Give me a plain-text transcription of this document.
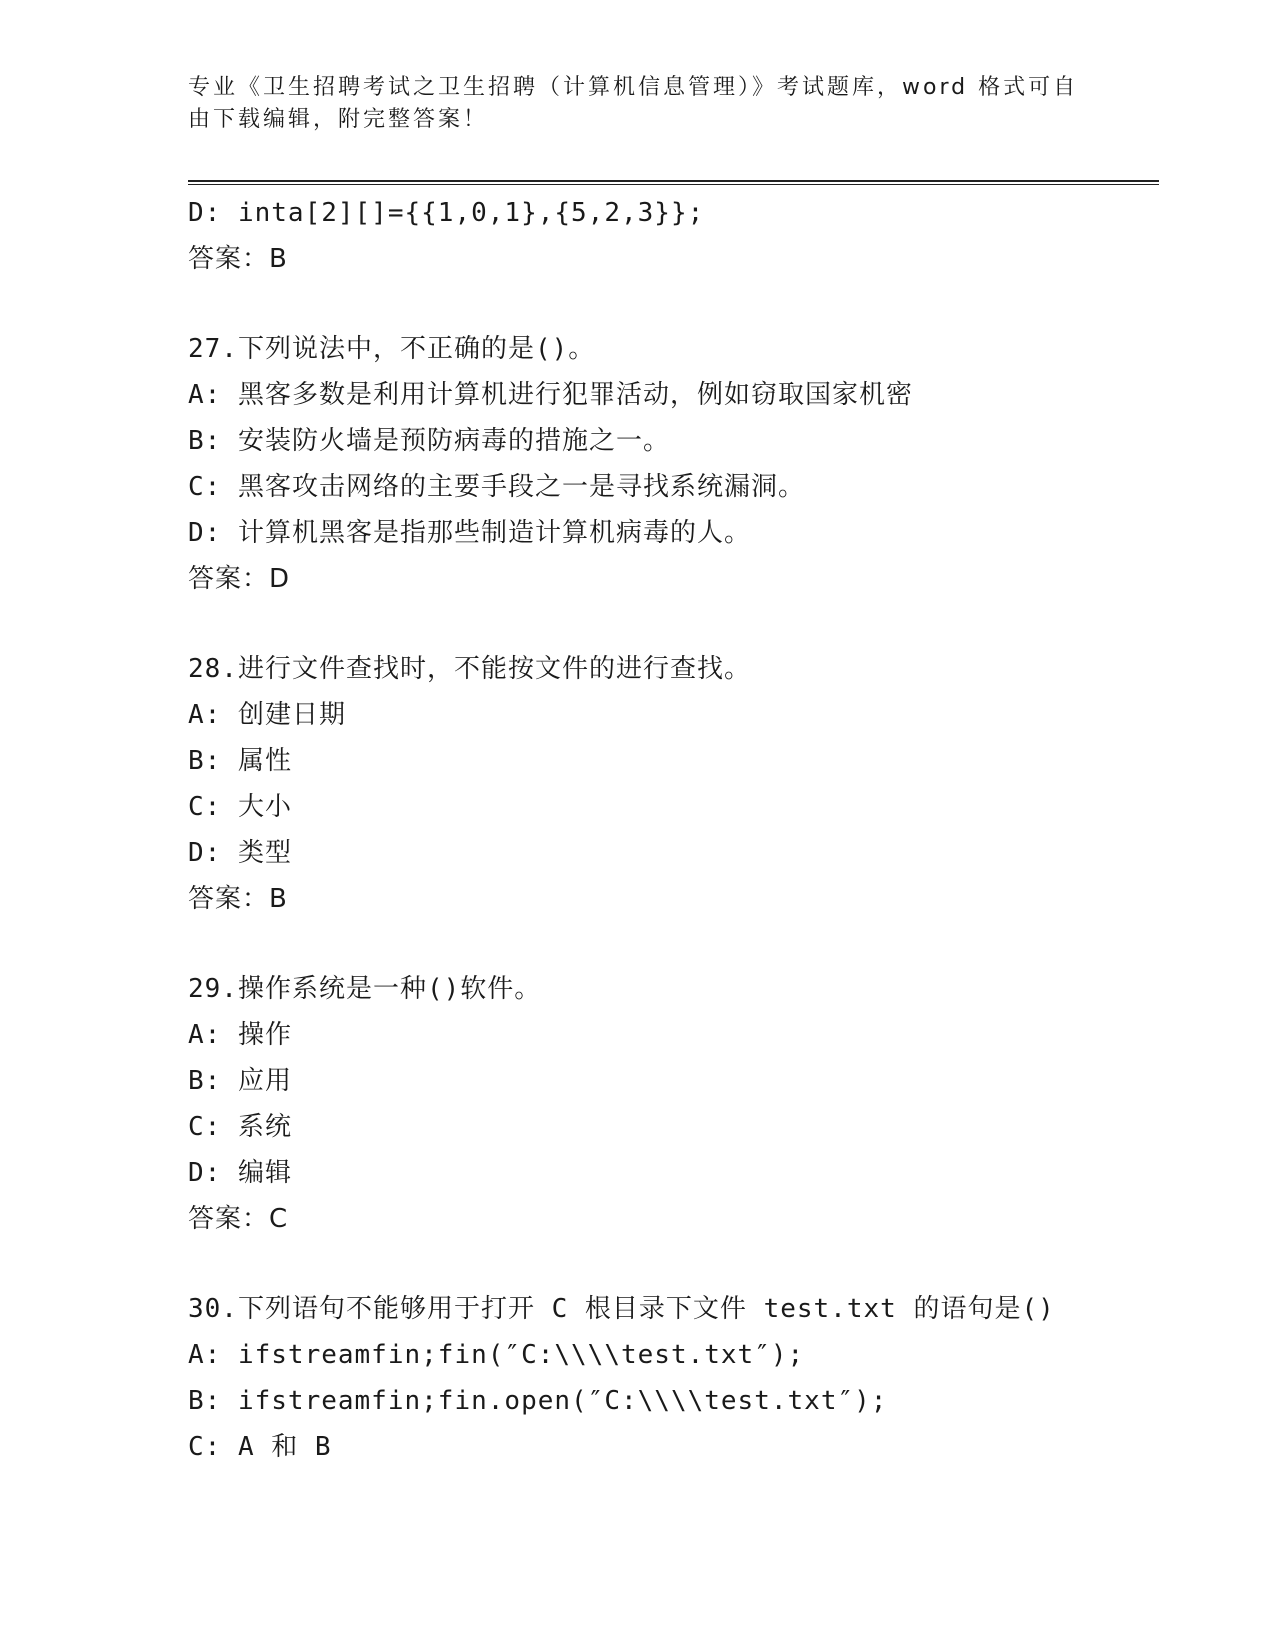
专业《卫生招聘考试之卫生招聘（计算机信息管理）》考试题库，word 格式可自
由下载编辑，附完整答案！
D: inta[2][]={{1,0,1},{5,2,3}};
答案：B
27.下列说法中，不正确的是()。
A: 黑客多数是利用计算机进行犯罪活动，例如窃取国家机密
B: 安装防火墙是预防病毒的措施之一。
C: 黑客攻击网络的主要手段之一是寻找系统漏洞。
D: 计算机黑客是指那些制造计算机病毒的人。
答案：D
28.进行文件查找时，不能按文件的进行查找。
A: 创建日期
B: 属性
C: 大小
D: 类型
答案：B
29.操作系统是一种()软件。
A: 操作
B: 应用
C: 系统
D: 编辑
答案：C
30.下列语句不能够用于打开 C 根目录下文件 test.txt 的语句是()
A: ifstreamfin;fin(″C:\\\\test.txt″);
B: ifstreamfin;fin.open(″C:\\\\test.txt″);
C: A 和 B
